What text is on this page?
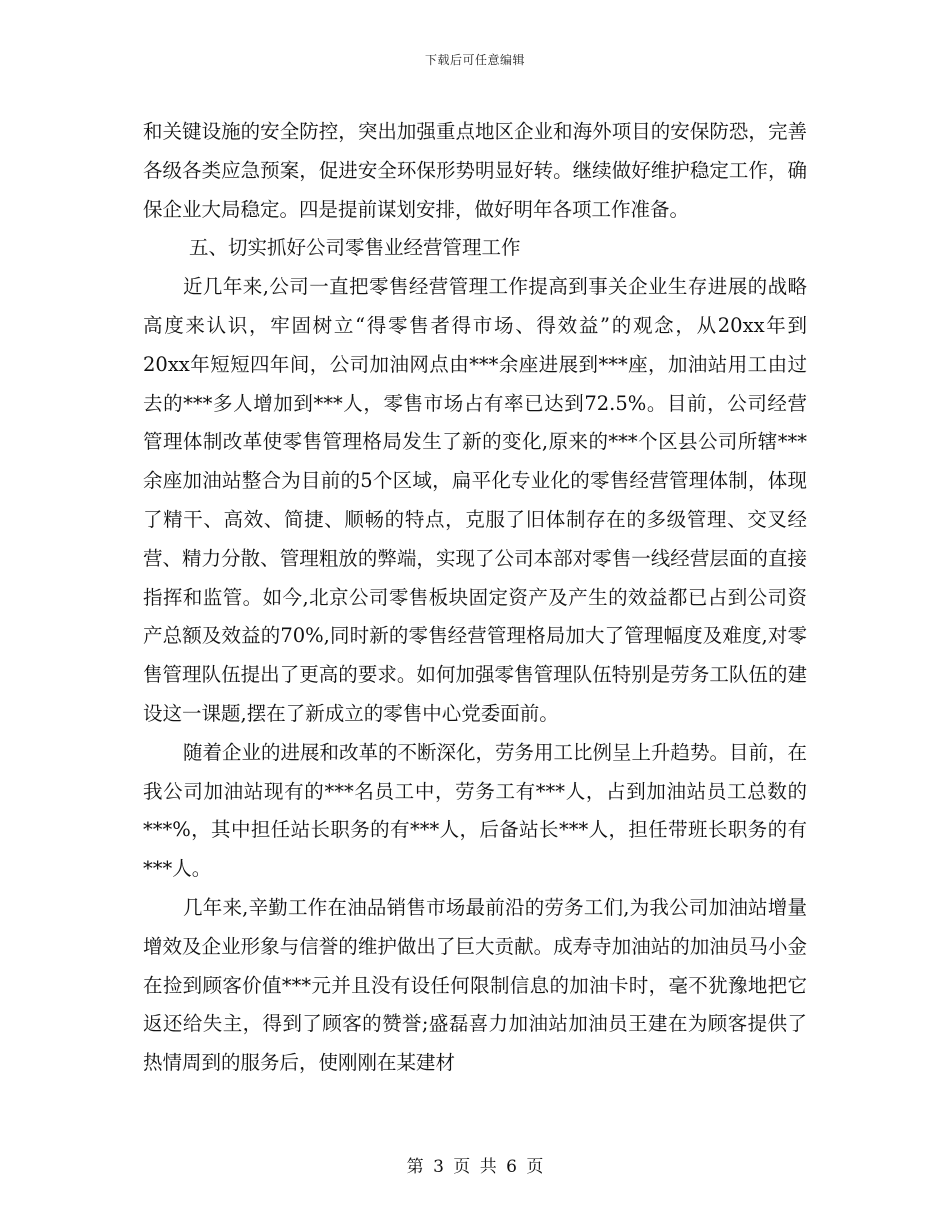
下载后可任意编辑

和关键设施的安全防控，突出加强重点地区企业和海外项目的安保防恐，完善各级各类应急预案，促进安全环保形势明显好转。继续做好维护稳定工作，确保企业大局稳定。四是提前谋划安排，做好明年各项工作准备。

五、切实抓好公司零售业经营管理工作

近几年来,公司一直把零售经营管理工作提高到事关企业生存进展的战略高度来认识，牢固树立“得零售者得市场、得效益”的观念，从20xx年到 20xx年短短四年间，公司加油网点由***余座进展到***座，加油站用工由过去的***多人增加到***人，零售市场占有率已达到72.5%。目前，公司经营管理体制改革使零售管理格局发生了新的变化,原来的***个区县公司所辖***余座加油站整合为目前的5个区域，扁平化专业化的零售经营管理体制，体现了精干、高效、简捷、顺畅的特点，克服了旧体制存在的多级管理、交叉经营、精力分散、管理粗放的弊端，实现了公司本部对零售一线经营层面的直接指挥和监管。如今,北京公司零售板块固定资产及产生的效益都已占到公司资产总额及效益的70%,同时新的零售经营管理格局加大了管理幅度及难度,对零售管理队伍提出了更高的要求。如何加强零售管理队伍特别是劳务工队伍的建设这一课题,摆在了新成立的零售中心党委面前。

随着企业的进展和改革的不断深化，劳务用工比例呈上升趋势。目前，在我公司加油站现有的***名员工中，劳务工有***人，占到加油站员工总数的***%，其中担任站长职务的有***人，后备站长***人，担任带班长职务的有***人。

几年来,辛勤工作在油品销售市场最前沿的劳务工们,为我公司加油站增量增效及企业形象与信誉的维护做出了巨大贡献。成寿寺加油站的加油员马小金在捡到顾客价值***元并且没有设任何限制信息的加油卡时，毫不犹豫地把它返还给失主，得到了顾客的赞誉;盛磊喜力加油站加油员王建在为顾客提供了热情周到的服务后，使刚刚在某建材

第 3 页 共 6 页
